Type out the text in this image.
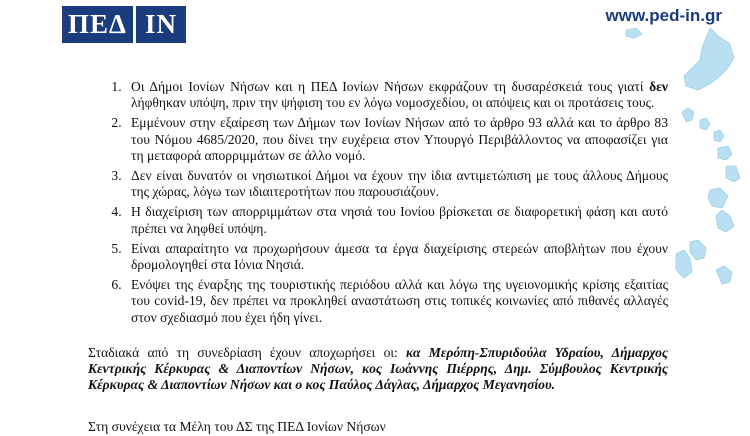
ΠΕΔ IN	www.ped-in.gr
1. Οι Δήμοι Ιονίων Νήσων και η ΠΕΔ Ιονίων Νήσων εκφράζουν τη δυσαρέσκειά τους γιατί δεν λήφθηκαν υπόψη, πριν την ψήφιση του εν λόγω νομοσχεδίου, οι απόψεις και οι προτάσεις τους.
2. Εμμένουν στην εξαίρεση των Δήμων των Ιονίων Νήσων από το άρθρο 93 αλλά και το άρθρο 83 του Νόμου 4685/2020, που δίνει την ευχέρεια στον Υπουργό Περιβάλλοντος να αποφασίζει για τη μεταφορά απορριμμάτων σε άλλο νομό.
3. Δεν είναι δυνατόν οι νησιωτικοί Δήμοι να έχουν την ίδια αντιμετώπιση με τους άλλους Δήμους της χώρας, λόγω των ιδιαιτεροτήτων που παρουσιάζουν.
4. Η διαχείριση των απορριμμάτων στα νησιά του Ιονίου βρίσκεται σε διαφορετική φάση και αυτό πρέπει να ληφθεί υπόψη.
5. Είναι απαραίτητο να προχωρήσουν άμεσα τα έργα διαχείρισης στερεών αποβλήτων που έχουν δρομολογηθεί στα Ιόνια Νησιά.
6. Ενόψει της έναρξης της τουριστικής περιόδου αλλά και λόγω της υγειονομικής κρίσης εξαιτίας του covid-19, δεν πρέπει να προκληθεί αναστάτωση στις τοπικές κοινωνίες από πιθανές αλλαγές στον σχεδιασμό που έχει ήδη γίνει.

Σταδιακά από τη συνεδρίαση έχουν αποχωρήσει οι: κα Μερόπη-Σπυριδούλα Υδραίου, Δήμαρχος Κεντρικής Κέρκυρας & Διαποντίων Νήσων, κος Ιωάννης Πιέρρης, Δημ. Σύμβουλος Κεντρικής Κέρκυρας & Διαποντίων Νήσων και ο κος Παύλος Δάγλας, Δήμαρχος Μεγανησίου.

Στη συνέχεια τα Μέλη του ΔΣ της ΠΕΔ Ιονίων Νήσων
